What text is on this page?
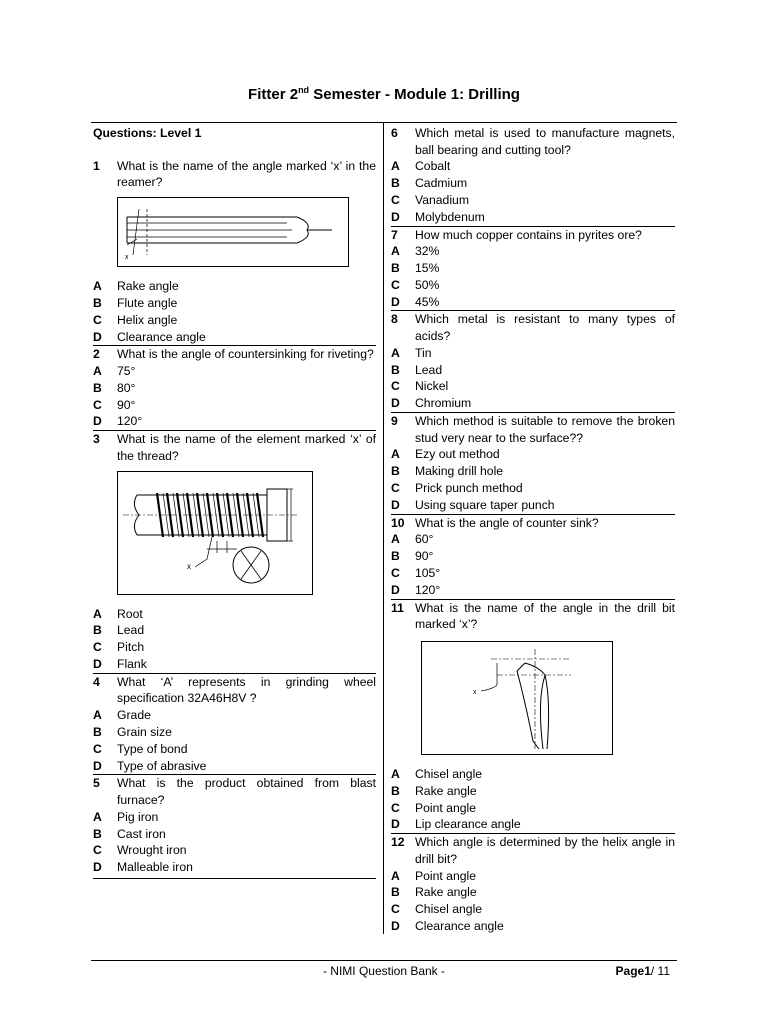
Fitter 2nd Semester - Module 1: Drilling
Questions: Level 1
1	What is the name of the angle marked ‘x’ in the reamer?
x
A	Rake angle
B	Flute angle
C	Helix angle
D	Clearance angle
2	What is the angle of countersinking for riveting?
A	75°
B	80°
C	90°
D	120°
3	What is the name of the element marked ‘x’ of the thread?
x
A	Root
B	Lead
C	Pitch
D	Flank
4	What ‘A’ represents in grinding wheel specification 32A46H8V ?
A	Grade
B	Grain size
C	Type of bond
D	Type of abrasive
5	What is the product obtained from blast furnace?
A	Pig iron
B	Cast iron
C	Wrought iron
D	Malleable iron
6	Which metal is used to manufacture magnets, ball bearing and cutting tool?
A	Cobalt
B	Cadmium
C	Vanadium
D	Molybdenum
7	How much copper contains in pyrites ore?
A	32%
B	15%
C	50%
D	45%
8	Which metal is resistant to many types of acids?
A	Tin
B	Lead
C	Nickel
D	Chromium
9	Which method is suitable to remove the broken stud very near to the surface??
A	Ezy out method
B	Making drill hole
C	Prick punch method
D	Using square taper punch
10 What is the angle of counter sink?
A	60°
B	90°
C	105°
D	120°
11 What is the name of the angle in the drill bit marked ‘x’?
x
A	Chisel angle
B	Rake angle
C	Point angle
D	Lip clearance angle
12 Which angle is determined by the helix angle in drill bit?
A	Point angle
B	Rake angle
C	Chisel angle
D	Clearance angle
- NIMI Question Bank -	Page1/ 11
